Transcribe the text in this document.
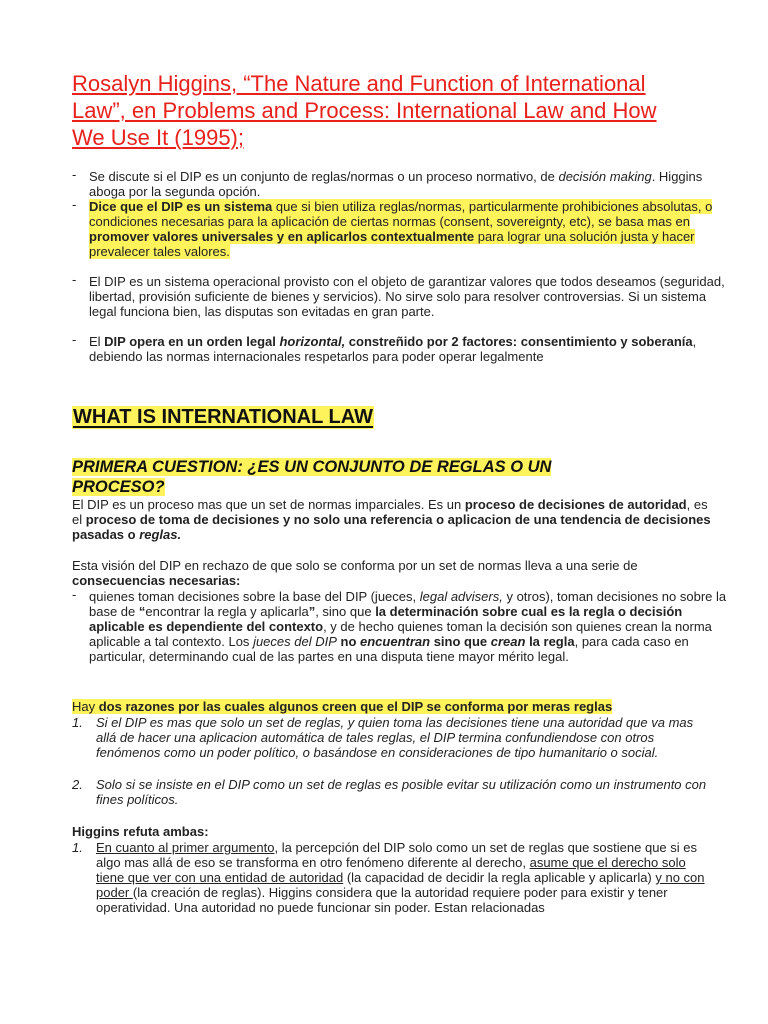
Rosalyn Higgins, “The Nature and Function of International Law”, en Problems and Process: International Law and How We Use It (1995);
- Se discute si el DIP es un conjunto de reglas/normas o un proceso normativo, de decisión making. Higgins aboga por la segunda opción.
- Dice que el DIP es un sistema que si bien utiliza reglas/normas, particularmente prohibiciones absolutas, o condiciones necesarias para la aplicación de ciertas normas (consent, sovereignty, etc), se basa mas en promover valores universales y en aplicarlos contextualmente para lograr una solución justa y hacer prevalecer tales valores.
- El DIP es un sistema operacional provisto con el objeto de garantizar valores que todos deseamos (seguridad, libertad, provisión suficiente de bienes y servicios). No sirve solo para resolver controversias. Si un sistema legal funciona bien, las disputas son evitadas en gran parte.
- El DIP opera en un orden legal horizontal, constreñido por 2 factores: consentimiento y soberanía, debiendo las normas internacionales respetarlos para poder operar legalmente
WHAT IS INTERNATIONAL LAW
PRIMERA CUESTION: ¿ES UN CONJUNTO DE REGLAS O UN PROCESO?
El DIP es un proceso mas que un set de normas imparciales. Es un proceso de decisiones de autoridad, es el proceso de toma de decisiones y no solo una referencia o aplicacion de una tendencia de decisiones pasadas o reglas.
Esta visión del DIP en rechazo de que solo se conforma por un set de normas lleva a una serie de consecuencias necesarias:
- quienes toman decisiones sobre la base del DIP (jueces, legal advisers, y otros), toman decisiones no sobre la base de “encontrar la regla y aplicarla”, sino que la determinación sobre cual es la regla o decisión aplicable es dependiente del contexto, y de hecho quienes toman la decisión son quienes crean la norma aplicable a tal contexto. Los jueces del DIP no encuentran sino que crean la regla, para cada caso en particular, determinando cual de las partes en una disputa tiene mayor mérito legal.
Hay dos razones por las cuales algunos creen que el DIP se conforma por meras reglas
1. Si el DIP es mas que solo un set de reglas, y quien toma las decisiones tiene una autoridad que va mas allá de hacer una aplicacion automática de tales reglas, el DIP termina confundiendose con otros fenómenos como un poder político, o basándose en consideraciones de tipo humanitario o social.
2. Solo si se insiste en el DIP como un set de reglas es posible evitar su utilización como un instrumento con fines políticos.
Higgins refuta ambas:
1. En cuanto al primer argumento, la percepción del DIP solo como un set de reglas que sostiene que si es algo mas allá de eso se transforma en otro fenómeno diferente al derecho, asume que el derecho solo tiene que ver con una entidad de autoridad (la capacidad de decidir la regla aplicable y aplicarla) y no con poder (la creación de reglas). Higgins considera que la autoridad requiere poder para existir y tener operatividad. Una autoridad no puede funcionar sin poder. Estan relacionadas
